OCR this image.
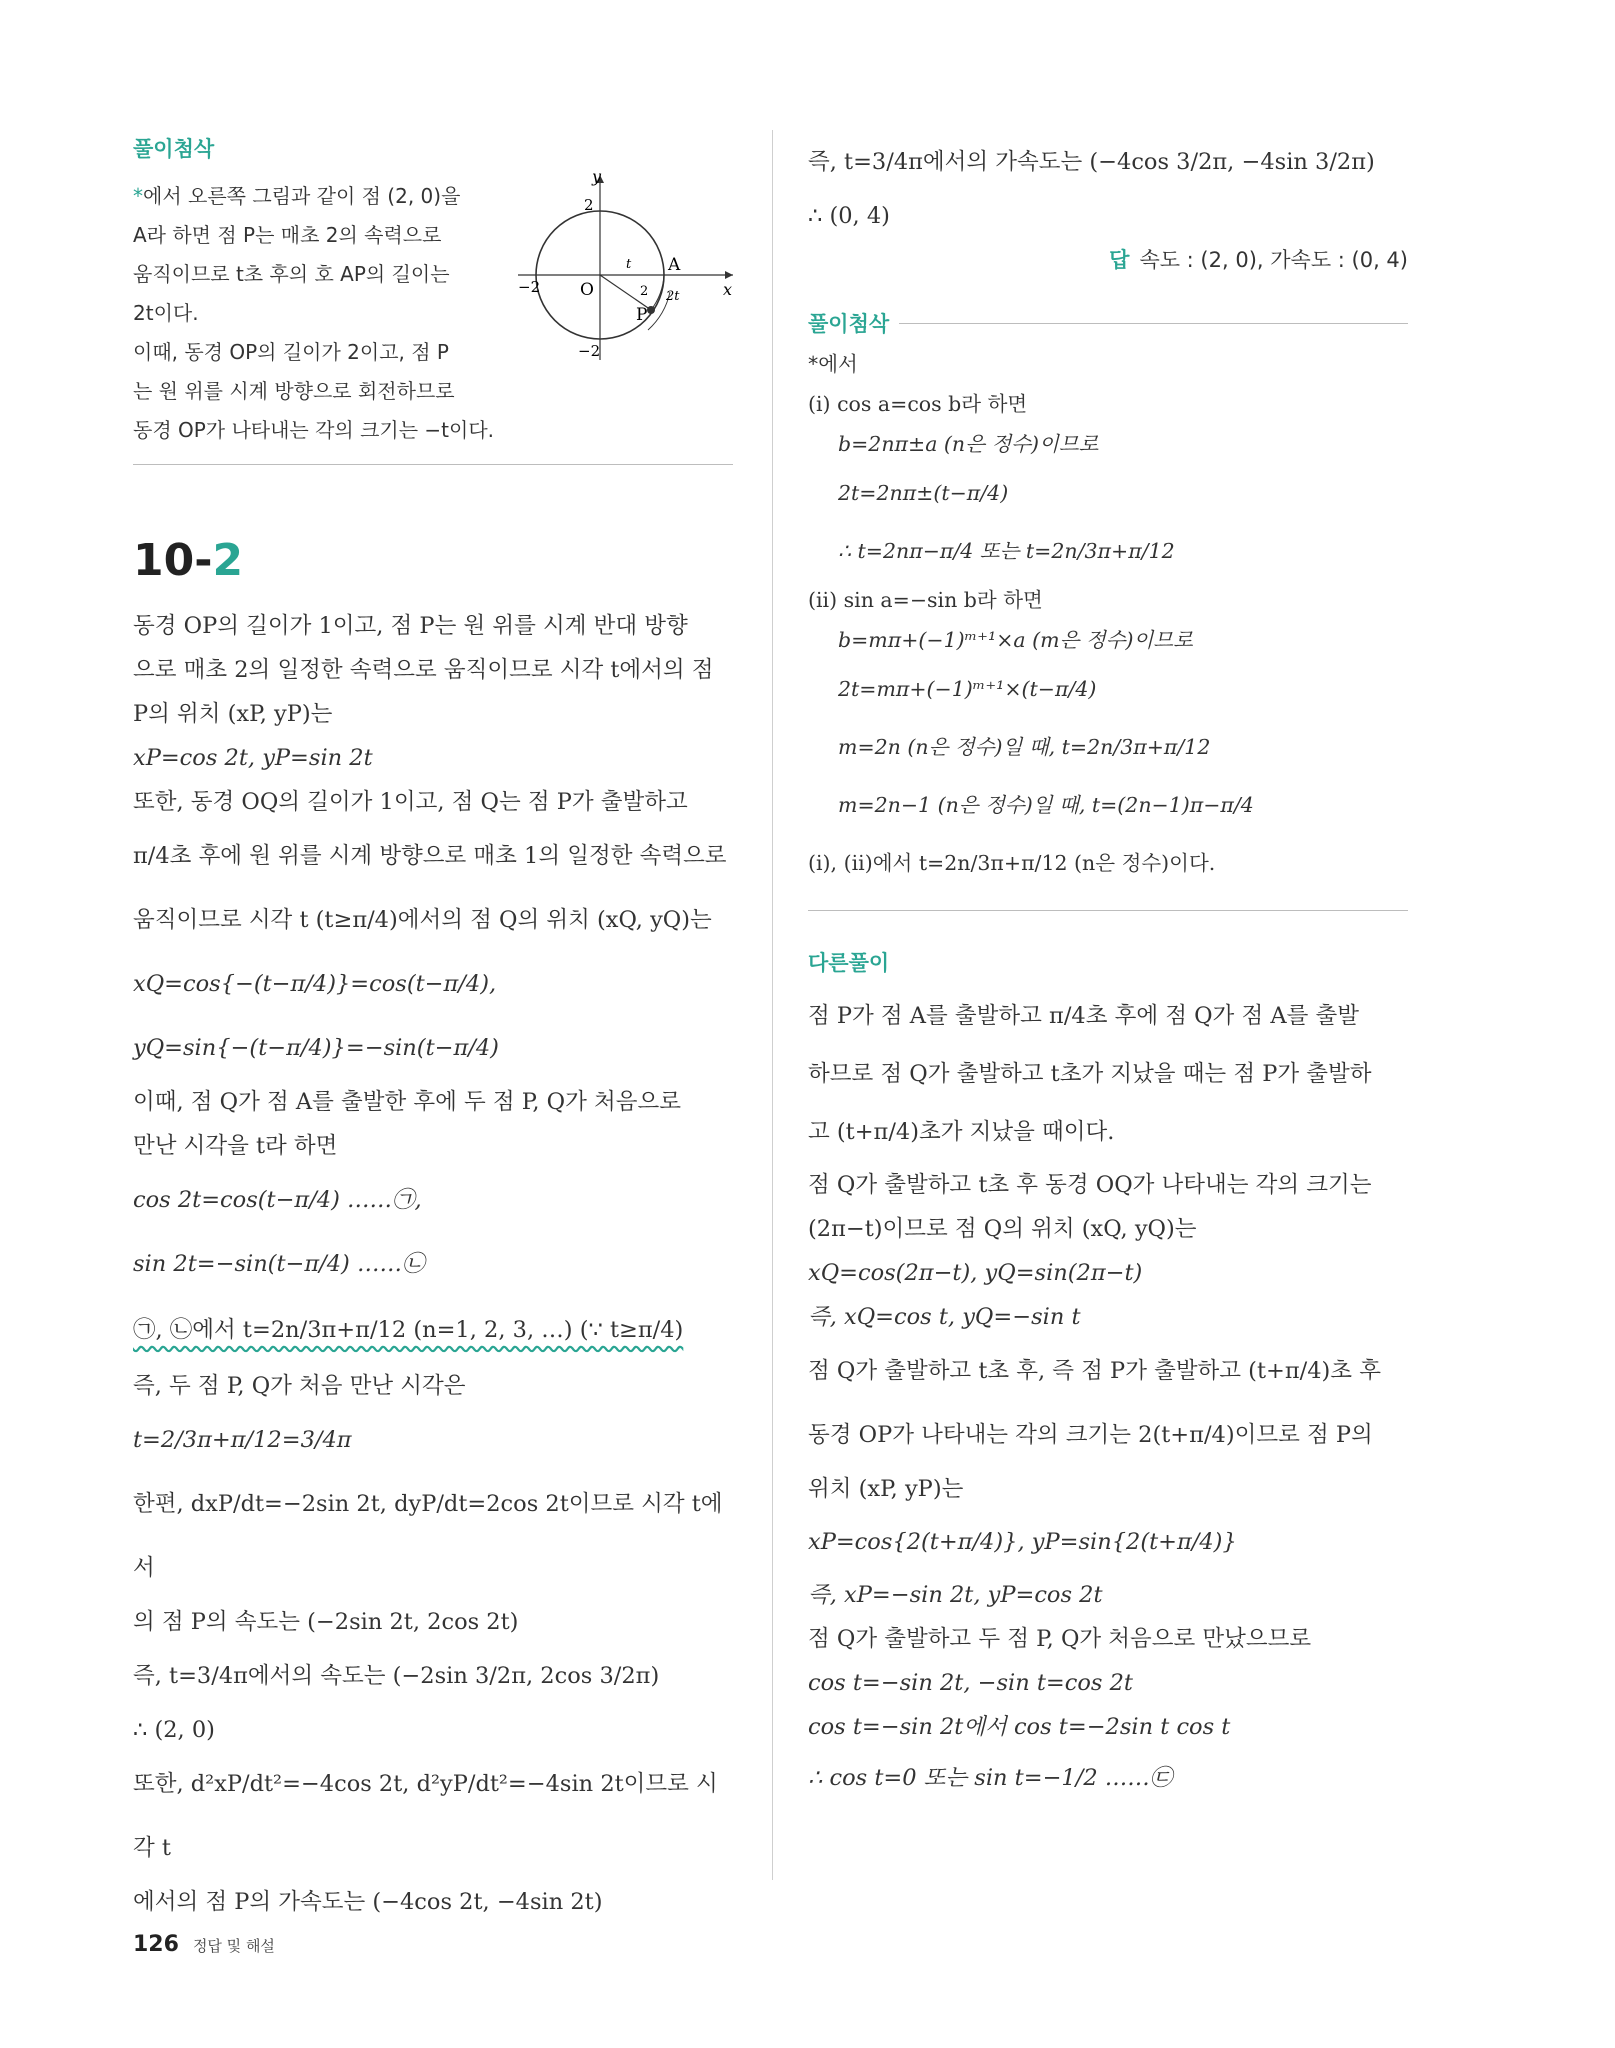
풀이첨삭
*에서 오른쪽 그림과 같이 점 (2, 0)을
A라 하면 점 P는 매초 2의 속력으로
움직이므로 t초 후의 호 AP의 길이는
2t이다.
이때, 동경 OP의 길이가 2이고, 점 P
는 원 위를 시계 방향으로 회전하므로
동경 OP가 나타내는 각의 크기는 −t이다.
y
x
2
−2
−2
O
A
P
t
2 2t
10-2

동경 OP의 길이가 1이고, 점 P는 원 위를 시계 반대 방향

으로 매초 2의 일정한 속력으로 움직이므로 시각 t에서의 점

P의 위치 (xP, yP)는

xP=cos 2t, yP=sin 2t

또한, 동경 OQ의 길이가 1이고, 점 Q는 점 P가 출발하고

π/4초 후에 원 위를 시계 방향으로 매초 1의 일정한 속력으로

움직이므로 시각 t (t≥π/4)에서의 점 Q의 위치 (xQ, yQ)는

xQ=cos{−(t−π/4)}=cos(t−π/4),

yQ=sin{−(t−π/4)}=−sin(t−π/4)

이때, 점 Q가 점 A를 출발한 후에 두 점 P, Q가 처음으로

만난 시각을 t라 하면

cos 2t=cos(t−π/4) ……㉠,

sin 2t=−sin(t−π/4) ……㉡

㉠, ㉡에서 t=2n/3π+π/12 (n=1, 2, 3, …) (∵ t≥π/4)

즉, 두 점 P, Q가 처음 만난 시각은

t=2/3π+π/12=3/4π

한편, dxP/dt=−2sin 2t, dyP/dt=2cos 2t이므로 시각 t에서

의 점 P의 속도는 (−2sin 2t, 2cos 2t)

즉, t=3/4π에서의 속도는 (−2sin 3/2π, 2cos 3/2π)

∴ (2, 0)

또한, d²xP/dt²=−4cos 2t, d²yP/dt²=−4sin 2t이므로 시각 t

에서의 점 P의 가속도는 (−4cos 2t, −4sin 2t)

즉, t=3/4π에서의 가속도는 (−4cos 3/2π, −4sin 3/2π)

∴ (0, 4)

답 속도 : (2, 0), 가속도 : (0, 4)
풀이첨삭
*에서
(i) cos a=cos b라 하면
b=2nπ±a (n은 정수)이므로
2t=2nπ±(t−π/4)
∴ t=2nπ−π/4 또는 t=2n/3π+π/12
(ii) sin a=−sin b라 하면
b=mπ+(−1)ᵐ⁺¹×a (m은 정수)이므로
2t=mπ+(−1)ᵐ⁺¹×(t−π/4)
m=2n (n은 정수)일 때, t=2n/3π+π/12
m=2n−1 (n은 정수)일 때, t=(2n−1)π−π/4
(i), (ii)에서 t=2n/3π+π/12 (n은 정수)이다.
다른풀이

점 P가 점 A를 출발하고 π/4초 후에 점 Q가 점 A를 출발

하므로 점 Q가 출발하고 t초가 지났을 때는 점 P가 출발하

고 (t+π/4)초가 지났을 때이다.

점 Q가 출발하고 t초 후 동경 OQ가 나타내는 각의 크기는

(2π−t)이므로 점 Q의 위치 (xQ, yQ)는

xQ=cos(2π−t), yQ=sin(2π−t)

즉, xQ=cos t, yQ=−sin t

점 Q가 출발하고 t초 후, 즉 점 P가 출발하고 (t+π/4)초 후

동경 OP가 나타내는 각의 크기는 2(t+π/4)이므로 점 P의

위치 (xP, yP)는

xP=cos{2(t+π/4)}, yP=sin{2(t+π/4)}

즉, xP=−sin 2t, yP=cos 2t

점 Q가 출발하고 두 점 P, Q가 처음으로 만났으므로

cos t=−sin 2t, −sin t=cos 2t

cos t=−sin 2t에서 cos t=−2sin t cos t

∴ cos t=0 또는 sin t=−1/2 ……㉢

126 정답 및 해설
